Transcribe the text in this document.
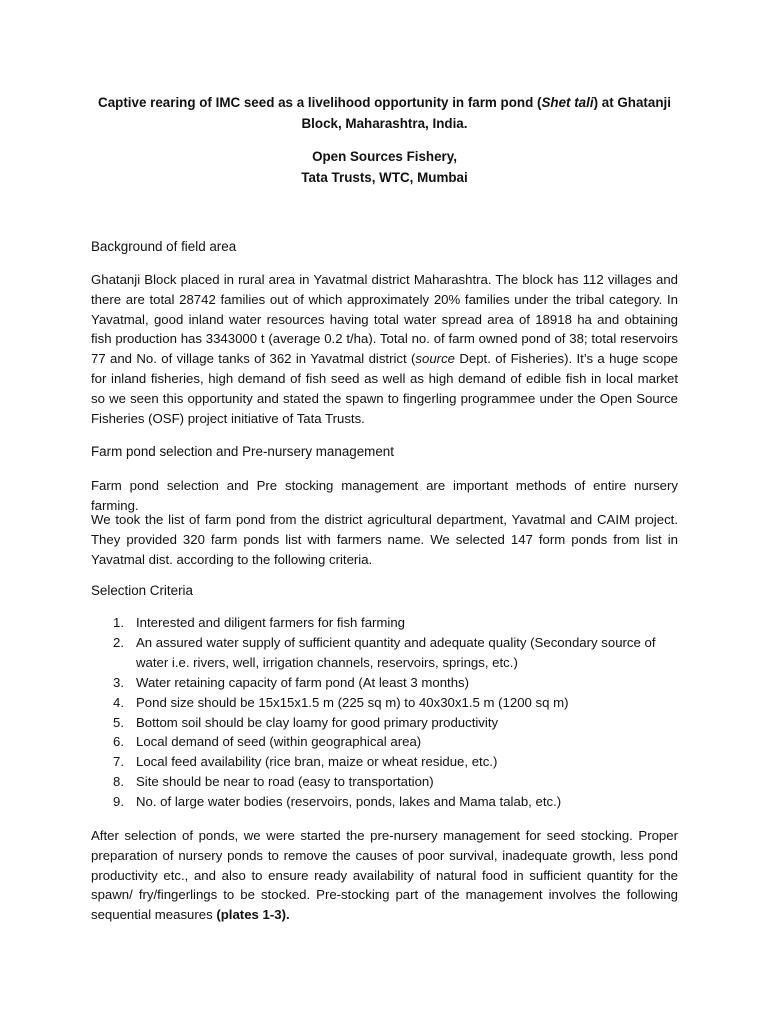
Captive rearing of IMC seed as a livelihood opportunity in farm pond (Shet tali) at Ghatanji Block, Maharashtra, India.
Open Sources Fishery,
Tata Trusts, WTC, Mumbai
Background of field area
Ghatanji Block placed in rural area in Yavatmal district Maharashtra. The block has 112 villages and there are total 28742 families out of which approximately 20% families under the tribal category. In Yavatmal, good inland water resources having total water spread area of 18918 ha and obtaining fish production has 3343000 t (average 0.2 t/ha). Total no. of farm owned pond of 38; total reservoirs 77 and No. of village tanks of 362 in Yavatmal district (source Dept. of Fisheries). It’s a huge scope for inland fisheries, high demand of fish seed as well as high demand of edible fish in local market so we seen this opportunity and stated the spawn to fingerling programmee under the Open Source Fisheries (OSF) project initiative of Tata Trusts.
Farm pond selection and Pre-nursery management
Farm pond selection and Pre stocking management are important methods of entire nursery farming.
We took the list of farm pond from the district agricultural department, Yavatmal and CAIM project. They provided 320 farm ponds list with farmers name. We selected 147 form ponds from list in Yavatmal dist. according to the following criteria.
Selection Criteria
1. Interested and diligent farmers for fish farming
2. An assured water supply of sufficient quantity and adequate quality (Secondary source of water i.e. rivers, well, irrigation channels, reservoirs, springs, etc.)
3. Water retaining capacity of farm pond (At least 3 months)
4. Pond size should be 15x15x1.5 m (225 sq m) to 40x30x1.5 m (1200 sq m)
5. Bottom soil should be clay loamy for good primary productivity
6. Local demand of seed (within geographical area)
7. Local feed availability (rice bran, maize or wheat residue, etc.)
8. Site should be near to road (easy to transportation)
9. No. of large water bodies (reservoirs, ponds, lakes and Mama talab, etc.)
After selection of ponds, we were started the pre-nursery management for seed stocking. Proper preparation of nursery ponds to remove the causes of poor survival, inadequate growth, less pond productivity etc., and also to ensure ready availability of natural food in sufficient quantity for the spawn/ fry/fingerlings to be stocked. Pre-stocking part of the management involves the following sequential measures (plates 1-3).
